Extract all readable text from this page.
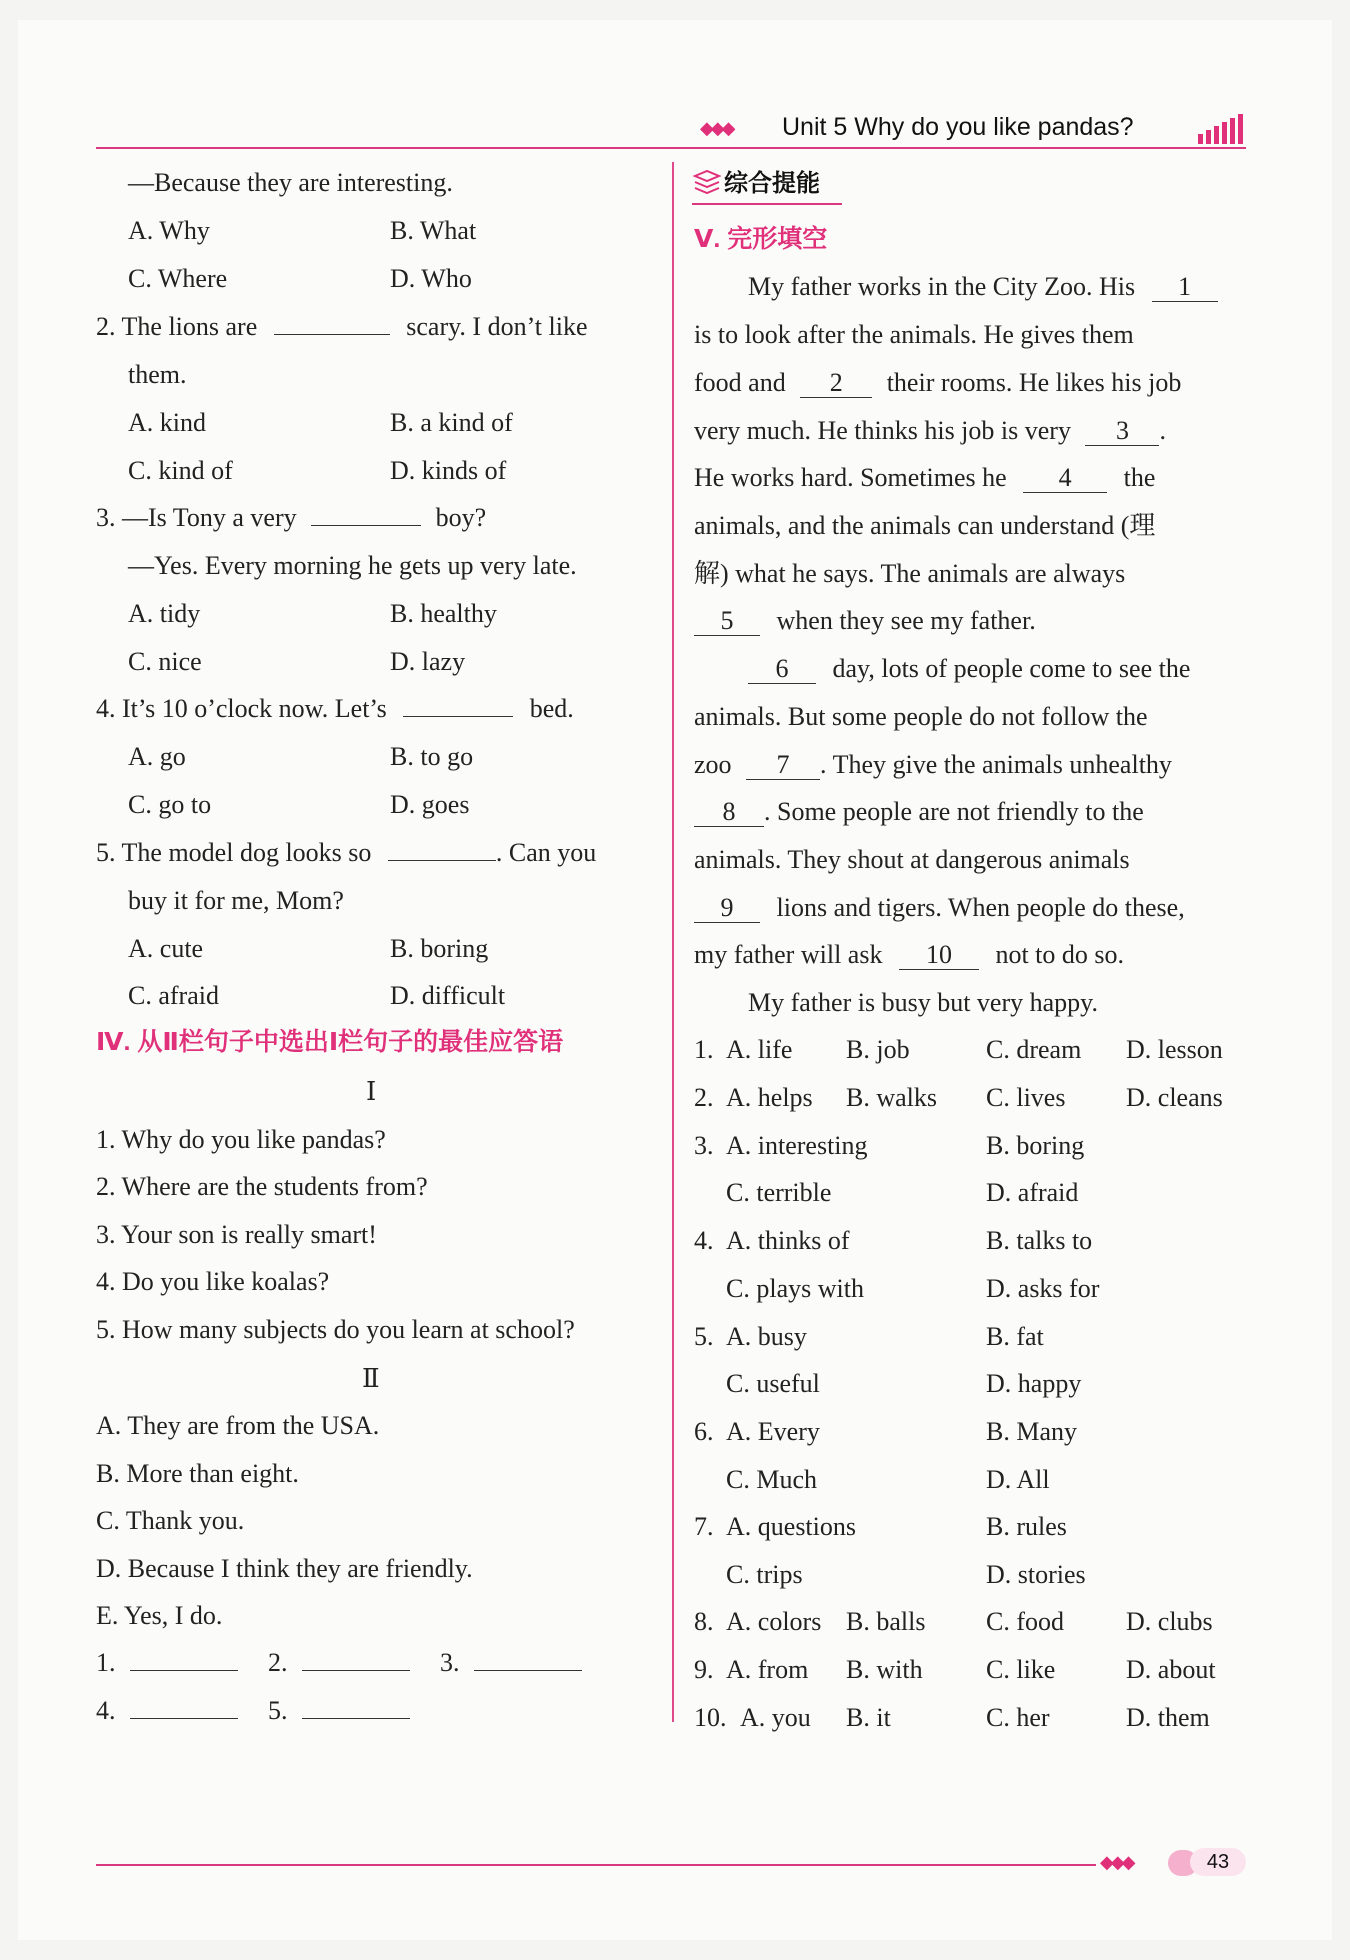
◆◆◆ Unit 5 Why do you like pandas?
—Because they are interesting.
A. Why	B. What
C. Where	D. Who
2. The lions are	scary. I don’t like
them.
A. kind	B. a kind of
C. kind of	D. kinds of
3. —Is Tony a very	boy?
—Yes. Every morning he gets up very late.
A. tidy	B. healthy
C. nice	D. lazy
4. It’s 10 o’clock now. Let’s	bed.
A. go	B. to go
C. go to	D. goes
5. The model dog looks so	. Can you
buy it for me, Mom?
A. cute	B. boring
C. afraid	D. difficult
Ⅳ. 从Ⅱ栏句子中选出Ⅰ栏句子的最佳应答语
Ⅰ
1. Why do you like pandas?
2. Where are the students from?
3. Your son is really smart!
4. Do you like koalas?
5. How many subjects do you learn at school?
Ⅱ
A. They are from the USA.
B. More than eight.
C. Thank you.
D. Because I think they are friendly.
E. Yes, I do.
1.	2.	3.
4.	5.
综合提能
Ⅴ. 完形填空
My father works in the City Zoo. His 1
is to look after the animals. He gives them
food and 2 their rooms. He likes his job
very much. He thinks his job is very 3 .
He works hard. Sometimes he 4 the
animals, and the animals can understand (理
解) what he says. The animals are always
5 when they see my father.
6 day, lots of people come to see the
animals. But some people do not follow the
zoo 7 . They give the animals unhealthy
8 . Some people are not friendly to the
animals. They shout at dangerous animals
9 lions and tigers. When people do these,
my father will ask 10 not to do so.
My father is busy but very happy.
1. A. life B. job	C. dream D. lesson
2. A. helps B. walks C. lives D. cleans
3. A. interesting	B. boring
C. terrible	D. afraid
4. A. thinks of	B. talks to
C. plays with	D. asks for
5. A. busy	B. fat
C. useful	D. happy
6. A. Every	B. Many
C. Much	D. All
7. A. questions	B. rules
C. trips	D. stories
8. A. colors B. balls C. food D. clubs
9. A. from B. with C. like	D. about
10. A. you B. it	C. her	D. them
◆◆◆	43
